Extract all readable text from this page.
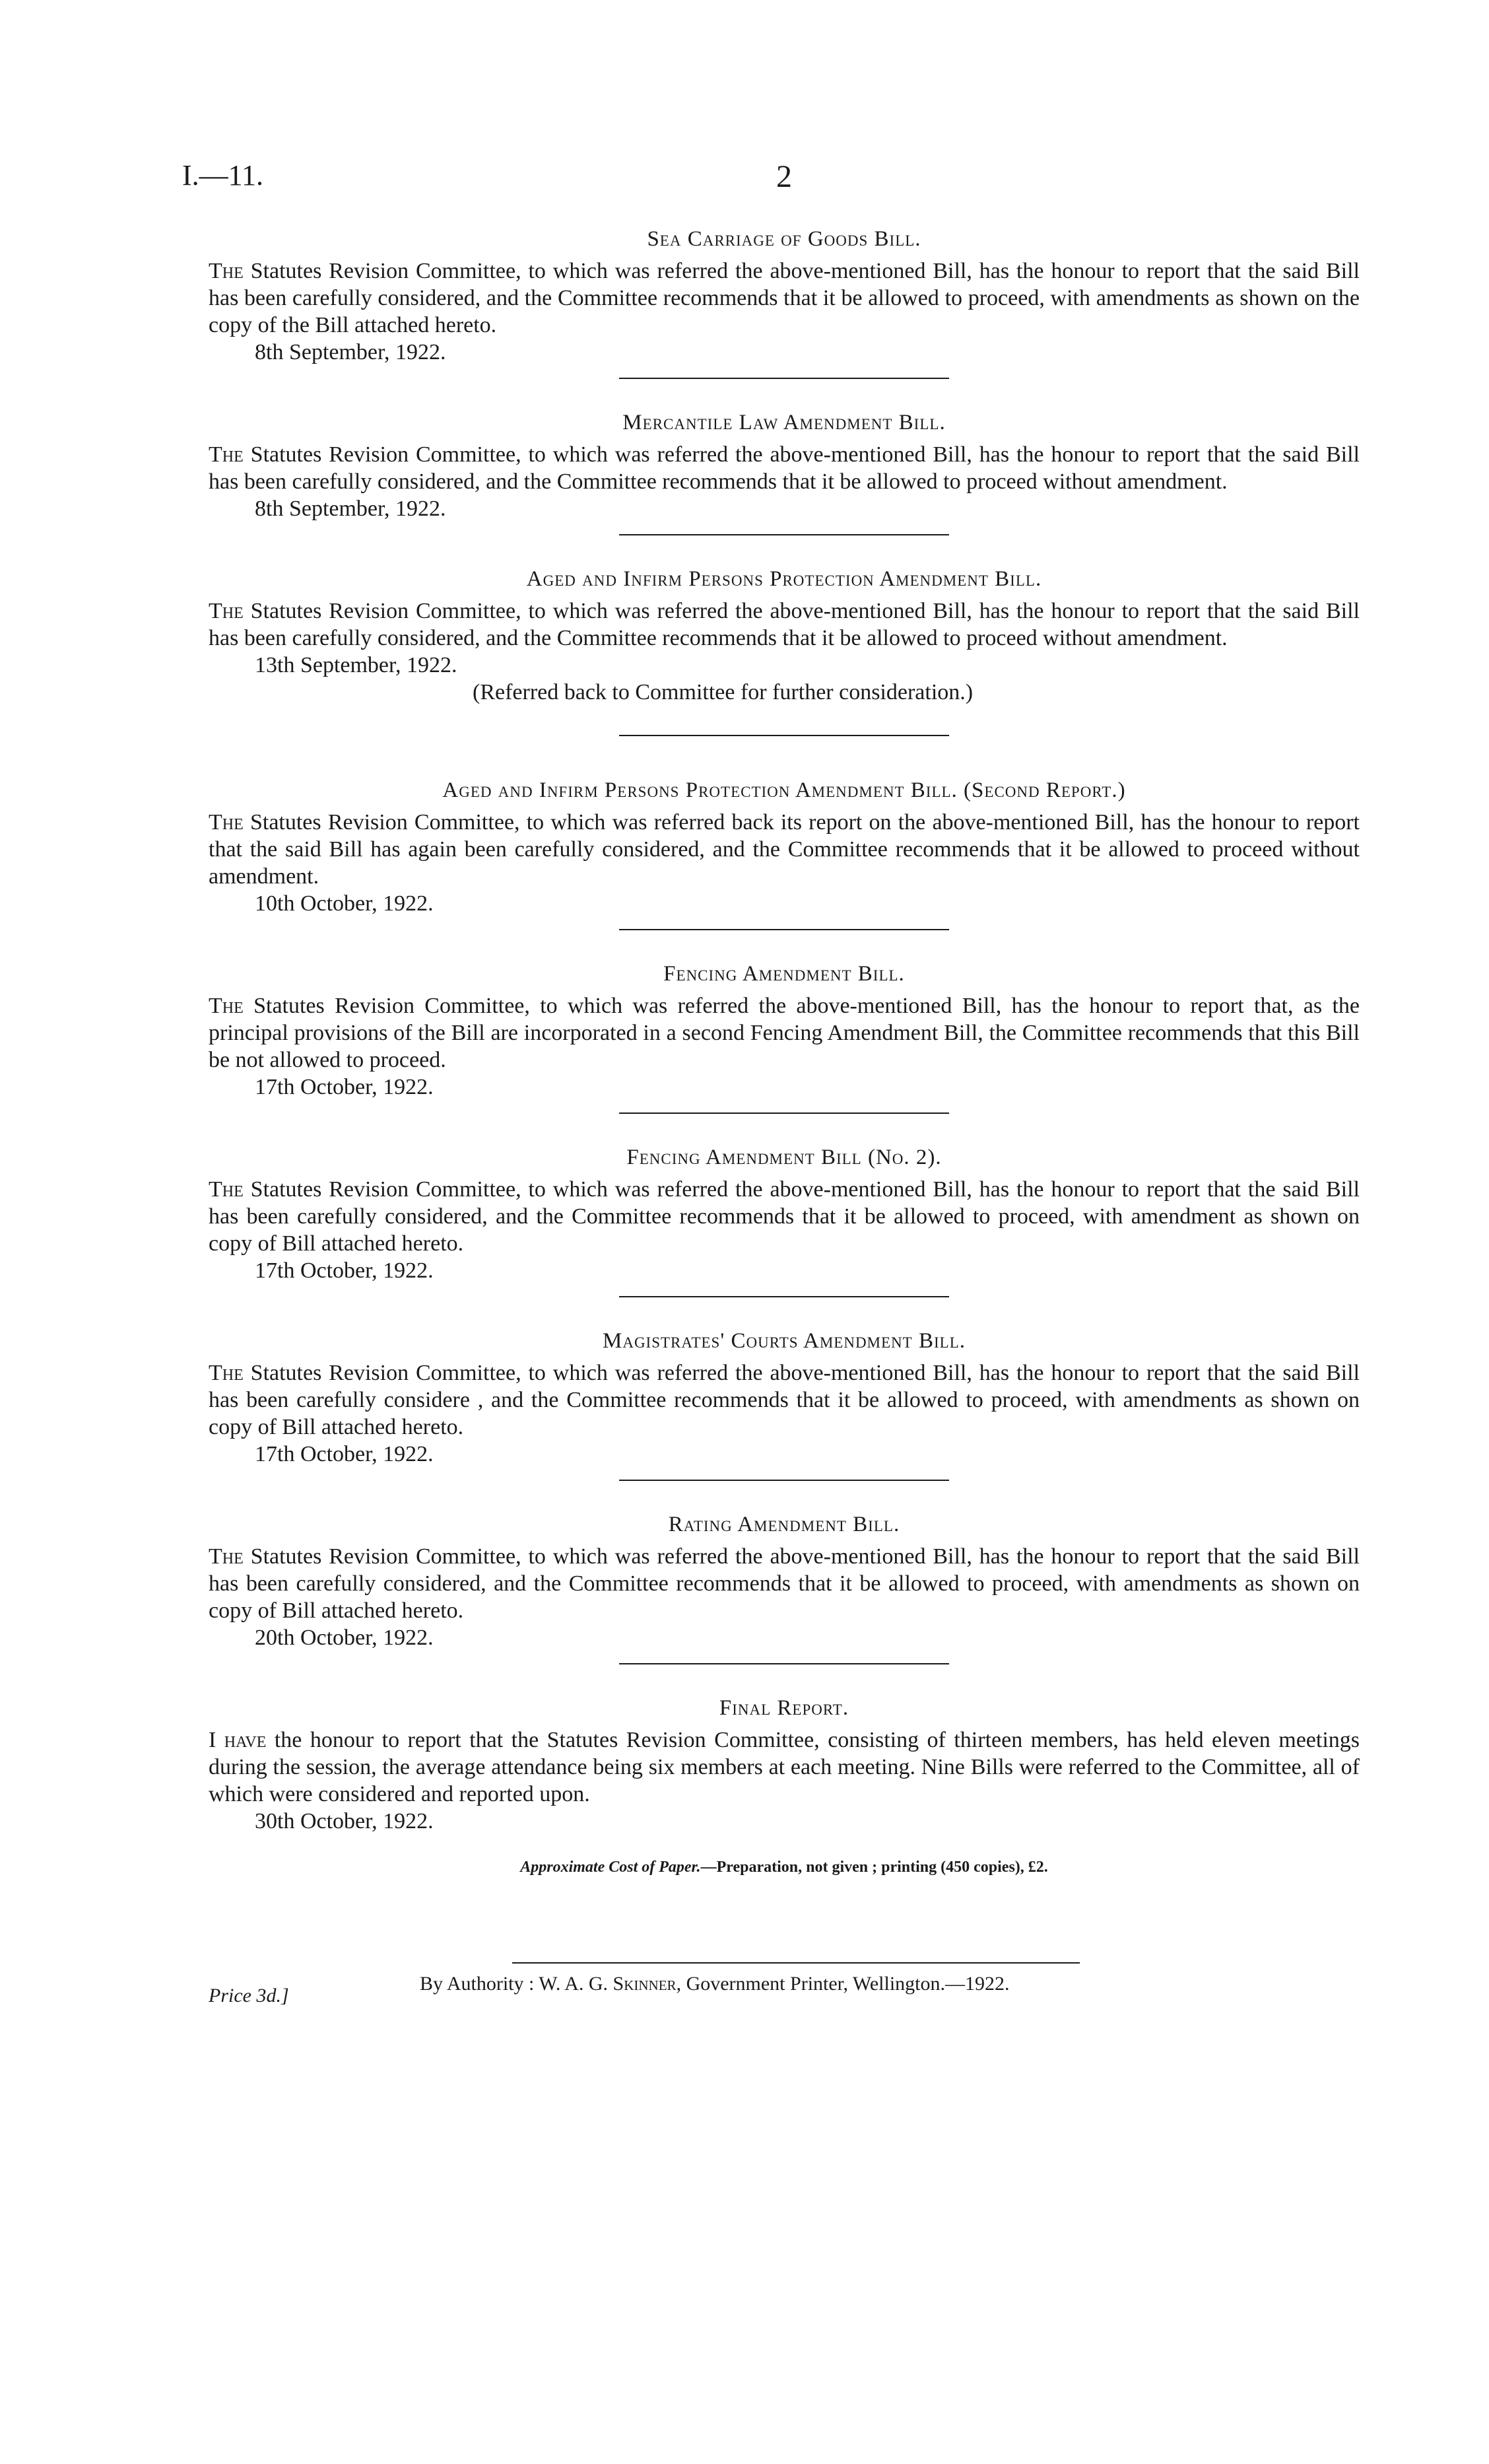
I.—11.	2

Sea Carriage of Goods Bill.

The Statutes Revision Committee, to which was referred the above-mentioned Bill, has the honour to report that the said Bill has been carefully considered, and the Committee recommends that it be allowed to proceed, with amendments as shown on the copy of the Bill attached hereto.

8th September, 1922.

Mercantile Law Amendment Bill.

The Statutes Revision Committee, to which was referred the above-mentioned Bill, has the honour to report that the said Bill has been carefully considered, and the Committee recommends that it be allowed to proceed without amendment.

8th September, 1922.

Aged and Infirm Persons Protection Amendment Bill.

The Statutes Revision Committee, to which was referred the above-mentioned Bill, has the honour to report that the said Bill has been carefully considered, and the Committee recommends that it be allowed to proceed without amendment.

13th September, 1922.

(Referred back to Committee for further consideration.)

Aged and Infirm Persons Protection Amendment Bill. (Second Report.)

The Statutes Revision Committee, to which was referred back its report on the above-mentioned Bill, has the honour to report that the said Bill has again been carefully considered, and the Committee recommends that it be allowed to proceed without amendment.

10th October, 1922.

Fencing Amendment Bill.

The Statutes Revision Committee, to which was referred the above-mentioned Bill, has the honour to report that, as the principal provisions of the Bill are incorporated in a second Fencing Amendment Bill, the Committee recommends that this Bill be not allowed to proceed.

17th October, 1922.

Fencing Amendment Bill (No. 2).

The Statutes Revision Committee, to which was referred the above-mentioned Bill, has the honour to report that the said Bill has been carefully considered, and the Committee recommends that it be allowed to proceed, with amendment as shown on copy of Bill attached hereto.

17th October, 1922.

Magistrates' Courts Amendment Bill.

The Statutes Revision Committee, to which was referred the above-mentioned Bill, has the honour to report that the said Bill has been carefully considere , and the Committee recommends that it be allowed to proceed, with amendments as shown on copy of Bill attached hereto.

17th October, 1922.

Rating Amendment Bill.

The Statutes Revision Committee, to which was referred the above-mentioned Bill, has the honour to report that the said Bill has been carefully considered, and the Committee recommends that it be allowed to proceed, with amendments as shown on copy of Bill attached hereto.

20th October, 1922.

Final Report.

I have the honour to report that the Statutes Revision Committee, consisting of thirteen members, has held eleven meetings during the session, the average attendance being six members at each meeting. Nine Bills were referred to the Committee, all of which were considered and reported upon.

30th October, 1922.

Approximate Cost of Paper.—Preparation, not given ; printing (450 copies), £2.

Price 3d.]
By Authority : W. A. G. Skinner, Government Printer, Wellington.—1922.
